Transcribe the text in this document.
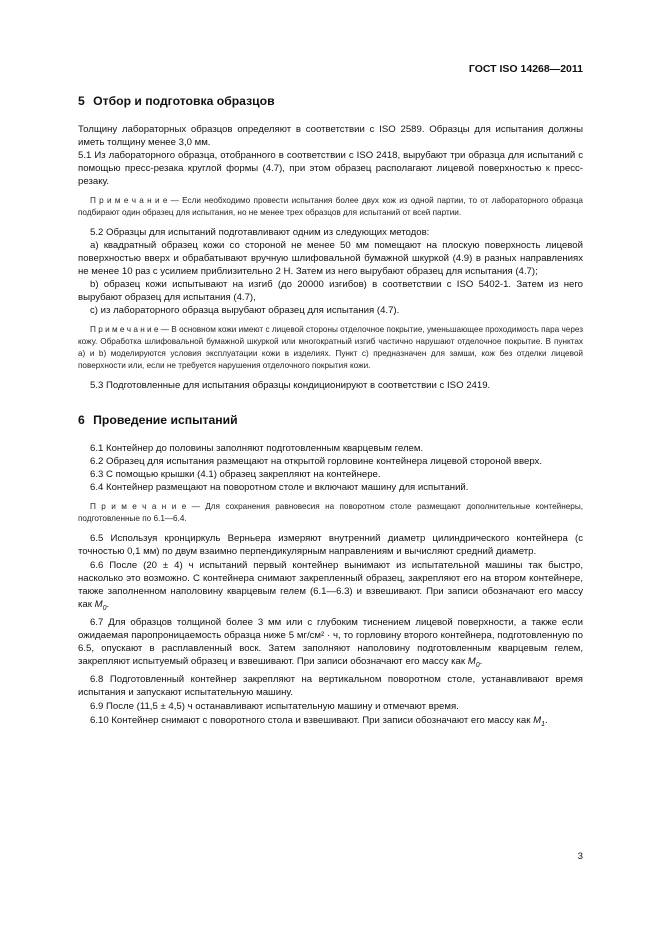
ГОСТ ISO 14268—2011
5 Отбор и подготовка образцов

Толщину лабораторных образцов определяют в соответствии с ISO 2589. Образцы для испытания должны иметь толщину менее 3,0 мм.

5.1 Из лабораторного образца, отобранного в соответствии с ISO 2418, вырубают три образца для испытаний с помощью пресс-резака круглой формы (4.7), при этом образец располагают лицевой поверхностью к пресс-резаку.

П р и м е ч а н и е — Если необходимо провести испытания более двух кож из одной партии, то от лабораторного образца подбирают один образец для испытания, но не менее трех образцов для испытаний от всей партии.

5.2 Образцы для испытаний подготавливают одним из следующих методов:

а) квадратный образец кожи со стороной не менее 50 мм помещают на плоскую поверхность лицевой поверхностью вверх и обрабатывают вручную шлифовальной бумажной шкуркой (4.9) в разных направлениях не менее 10 раз с усилием приблизительно 2 Н. Затем из него вырубают образец для испытания (4.7);

b) образец кожи испытывают на изгиб (до 20000 изгибов) в соответствии с ISO 5402-1. Затем из него вырубают образец для испытания (4.7),

с) из лабораторного образца вырубают образец для испытания (4.7).

П р и м е ч а н и е — В основном кожи имеют с лицевой стороны отделочное покрытие, уменьшающее проходимость пара через кожу. Обработка шлифовальной бумажной шкуркой или многократный изгиб частично нарушают отделочное покрытие. В пунктах а) и b) моделируются условия эксплуатации кожи в изделиях. Пункт с) предназначен для замши, кож без отделки лицевой поверхности или, если не требуется нарушения отделочного покрытия кожи.

5.3 Подготовленные для испытания образцы кондиционируют в соответствии с ISO 2419.

6 Проведение испытаний

6.1 Контейнер до половины заполняют подготовленным кварцевым гелем.

6.2 Образец для испытания размещают на открытой горловине контейнера лицевой стороной вверх.

6.3 С помощью крышки (4.1) образец закрепляют на контейнере.

6.4 Контейнер размещают на поворотном столе и включают машину для испытаний.

П р и м е ч а н и е — Для сохранения равновесия на поворотном столе размещают дополнительные контейнеры, подготовленные по 6.1—6.4.

6.5 Используя кронциркуль Верньера измеряют внутренний диаметр цилиндрического контейнера (с точностью 0,1 мм) по двум взаимно перпендикулярным направлениям и вычисляют средний диаметр.

6.6 После (20 ± 4) ч испытаний первый контейнер вынимают из испытательной машины так быстро, насколько это возможно. С контейнера снимают закрепленный образец, закрепляют его на втором контейнере, также заполненном наполовину кварцевым гелем (6.1—6.3) и взвешивают. При записи обозначают его массу как $M_0$.

6.7 Для образцов толщиной более 3 мм или с глубоким тиснением лицевой поверхности, а также если ожидаемая паропроницаемость образца ниже 5 мг/см² · ч, то горловину второго контейнера, подготовленную по 6.5, опускают в расплавленный воск. Затем заполняют наполовину подготовленным кварцевым гелем, закрепляют испытуемый образец и взвешивают. При записи обозначают его массу как $M_0$.

6.8 Подготовленный контейнер закрепляют на вертикальном поворотном столе, устанавливают время испытания и запускают испытательную машину.

6.9 После (11,5 ± 4,5) ч останавливают испытательную машину и отмечают время.

6.10 Контейнер снимают с поворотного стола и взвешивают. При записи обозначают его массу как $M_1$.

3
